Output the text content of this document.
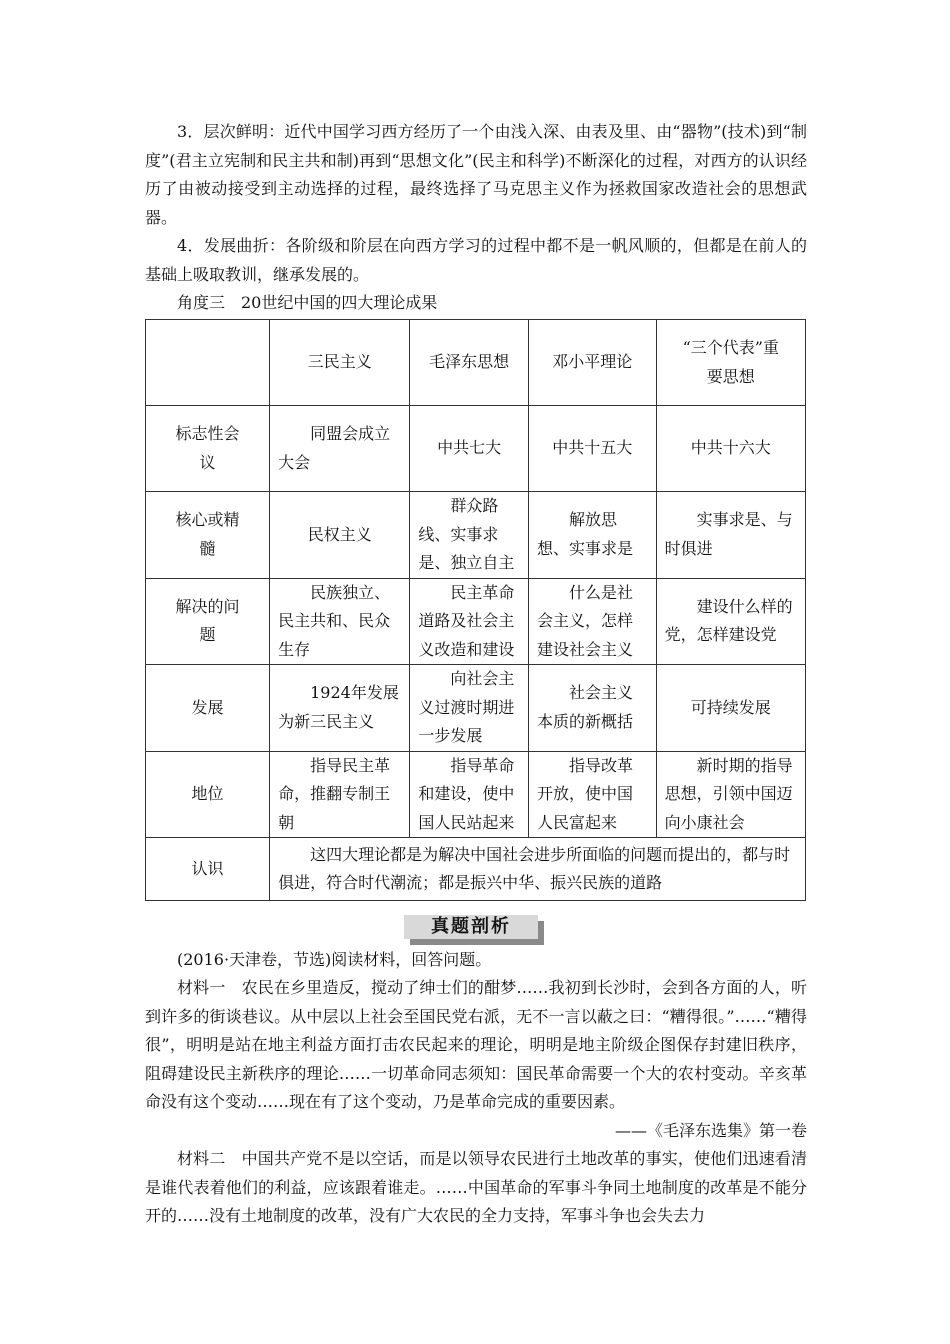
3．层次鲜明：近代中国学习西方经历了一个由浅入深、由表及里、由“器物”(技术)到“制度”(君主立宪制和民主共和制)再到“思想文化”(民主和科学)不断深化的过程，对西方的认识经历了由被动接受到主动选择的过程，最终选择了马克思主义作为拯救国家改造社会的思想武器。

4．发展曲折：各阶级和阶层在向西方学习的过程中都不是一帆风顺的，但都是在前人的基础上吸取教训，继承发展的。

角度三　20世纪中国的四大理论成果

	三民主义	毛泽东思想	邓小平理论	“三个代表”重要思想
标志性会议	同盟会成立大会	中共七大	中共十五大	中共十六大
核心或精髓	民权主义	群众路线、实事求是、独立自主	解放思想、实事求是	实事求是、与时俱进
解决的问题	民族独立、民主共和、民众生存	民主革命道路及社会主义改造和建设	什么是社会主义，怎样建设社会主义	建设什么样的党，怎样建设党
发展	1924年发展为新三民主义	向社会主义过渡时期进一步发展	社会主义本质的新概括	可持续发展
地位	指导民主革命，推翻专制王朝	指导革命和建设，使中国人民站起来	指导改革开放，使中国人民富起来	新时期的指导思想，引领中国迈向小康社会
认识	这四大理论都是为解决中国社会进步所面临的问题而提出的，都与时俱进，符合时代潮流；都是振兴中华、振兴民族的道路			
真题剖析

(2016·天津卷，节选)阅读材料，回答问题。

材料一　农民在乡里造反，搅动了绅士们的酣梦……我初到长沙时，会到各方面的人，听到许多的街谈巷议。从中层以上社会至国民党右派，无不一言以蔽之曰：“糟得很。”……“糟得很”，明明是站在地主利益方面打击农民起来的理论，明明是地主阶级企图保存封建旧秩序，阻碍建设民主新秩序的理论……一切革命同志须知：国民革命需要一个大的农村变动。辛亥革命没有这个变动……现在有了这个变动，乃是革命完成的重要因素。

——《毛泽东选集》第一卷

材料二　中国共产党不是以空话，而是以领导农民进行土地改革的事实，使他们迅速看清是谁代表着他们的利益，应该跟着谁走。……中国革命的军事斗争同土地制度的改革是不能分开的……没有土地制度的改革，没有广大农民的全力支持，军事斗争也会失去力
